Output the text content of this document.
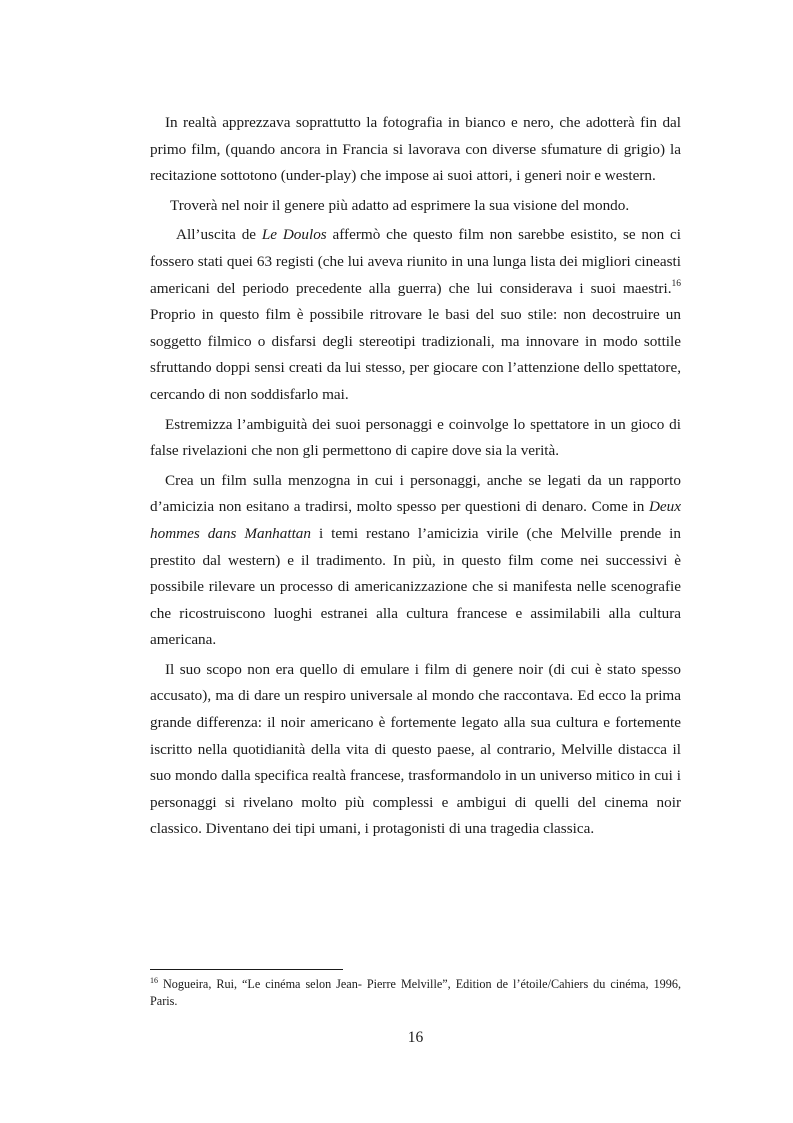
In realtà apprezzava soprattutto la fotografia in bianco e nero, che adotterà fin dal primo film, (quando ancora in Francia si lavorava con diverse sfumature di grigio) la recitazione sottotono (under-play) che impose ai suoi attori, i generi noir e western.

Troverà nel noir il genere più adatto ad esprimere la sua visione del mondo.

All’uscita de Le Doulos affermò che questo film non sarebbe esistito, se non ci fossero stati quei 63 registi (che lui aveva riunito in una lunga lista dei migliori cineasti americani del periodo precedente alla guerra) che lui considerava i suoi maestri.$^{16}$ Proprio in questo film è possibile ritrovare le basi del suo stile: non decostruire un soggetto filmico o disfarsi degli stereotipi tradizionali, ma innovare in modo sottile sfruttando doppi sensi creati da lui stesso, per giocare con l’attenzione dello spettatore, cercando di non soddisfarlo mai.

Estremizza l’ambiguità dei suoi personaggi e coinvolge lo spettatore in un gioco di false rivelazioni che non gli permettono di capire dove sia la verità.

Crea un film sulla menzogna in cui i personaggi, anche se legati da un rapporto d’amicizia non esitano a tradirsi, molto spesso per questioni di denaro. Come in Deux hommes dans Manhattan i temi restano l’amicizia virile (che Melville prende in prestito dal western) e il tradimento. In più, in questo film come nei successivi è possibile rilevare un processo di americanizzazione che si manifesta nelle scenografie che ricostruiscono luoghi estranei alla cultura francese e assimilabili alla cultura americana.

Il suo scopo non era quello di emulare i film di genere noir (di cui è stato spesso accusato), ma di dare un respiro universale al mondo che raccontava. Ed ecco la prima grande differenza: il noir americano è fortemente legato alla sua cultura e fortemente iscritto nella quotidianità della vita di questo paese, al contrario, Melville distacca il suo mondo dalla specifica realtà francese, trasformandolo in un universo mitico in cui i personaggi si rivelano molto più complessi e ambigui di quelli del cinema noir classico. Diventano dei tipi umani, i protagonisti di una tragedia classica.

$^{16}$ Nogueira, Rui, “Le cinéma selon Jean- Pierre Melville”, Edition de l’étoile/Cahiers du cinéma, 1996, Paris.
16
